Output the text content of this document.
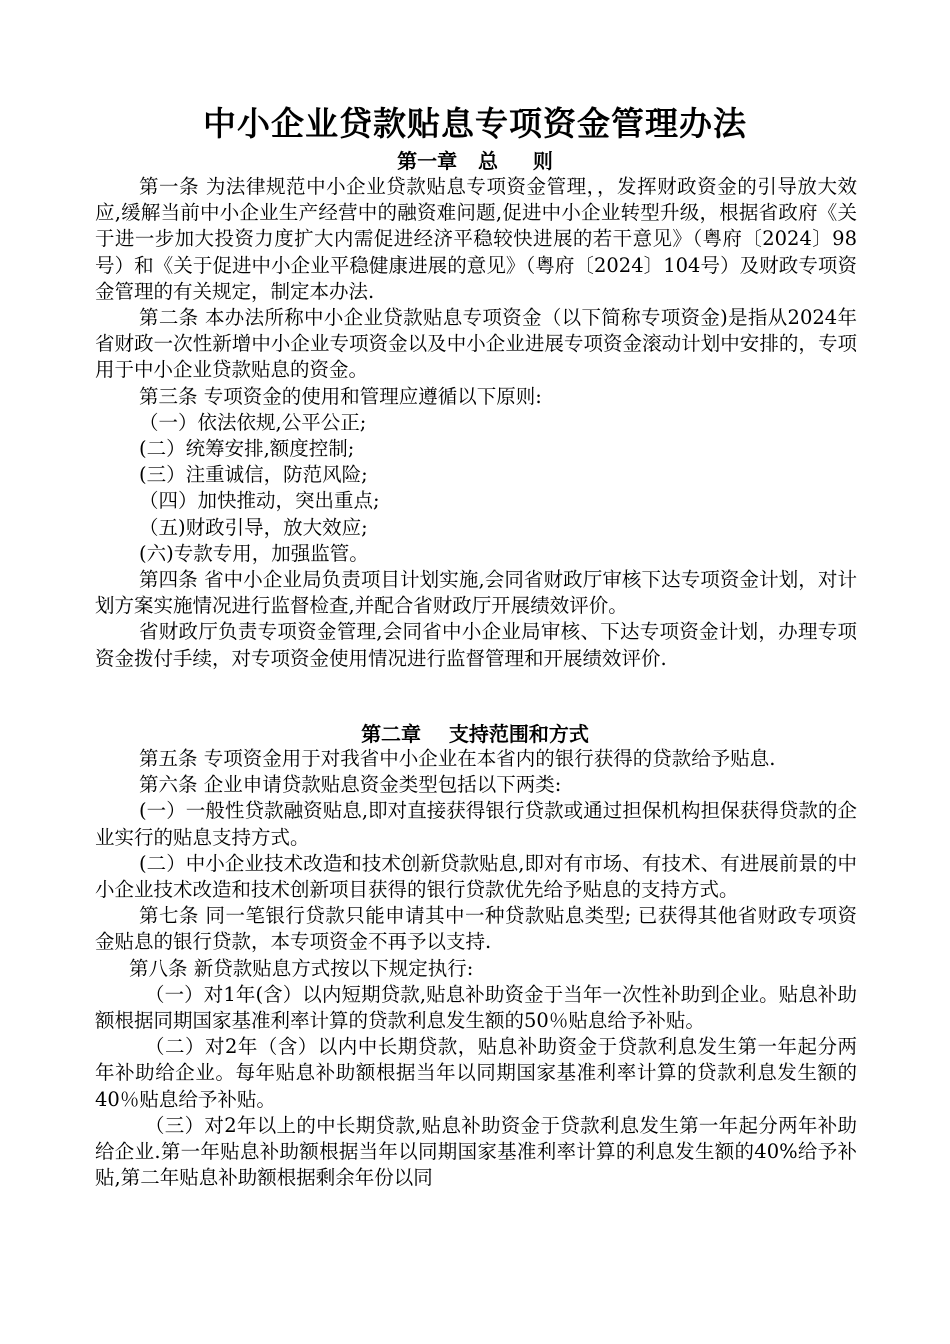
中小企业贷款贴息专项资金管理办法
第一章   总     则
第一条 为法律规范中小企业贷款贴息专项资金管理，，发挥财政资金的引导放大效应,缓解当前中小企业生产经营中的融资难问题,促进中小企业转型升级，根据省政府《关于进一步加大投资力度扩大内需促进经济平稳较快进展的若干意见》（粤府〔2024〕98号）和《关于促进中小企业平稳健康进展的意见》（粤府〔2024〕104号）及财政专项资金管理的有关规定，制定本办法.
第二条 本办法所称中小企业贷款贴息专项资金（以下简称专项资金)是指从2024年省财政一次性新增中小企业专项资金以及中小企业进展专项资金滚动计划中安排的，专项用于中小企业贷款贴息的资金。
第三条 专项资金的使用和管理应遵循以下原则:
（一）依法依规,公平公正;
(二）统筹安排,额度控制;
(三）注重诚信，防范风险;
（四）加快推动，突出重点;
（五)财政引导，放大效应;
(六)专款专用，加强监管。
第四条 省中小企业局负责项目计划实施,会同省财政厅审核下达专项资金计划，对计划方案实施情况进行监督检查,并配合省财政厅开展绩效评价。
省财政厅负责专项资金管理,会同省中小企业局审核、下达专项资金计划，办理专项资金拨付手续，对专项资金使用情况进行监督管理和开展绩效评价.
第二章    支持范围和方式
第五条 专项资金用于对我省中小企业在本省内的银行获得的贷款给予贴息.
第六条 企业申请贷款贴息资金类型包括以下两类:
(一）一般性贷款融资贴息,即对直接获得银行贷款或通过担保机构担保获得贷款的企业实行的贴息支持方式。
(二）中小企业技术改造和技术创新贷款贴息,即对有市场、有技术、有进展前景的中小企业技术改造和技术创新项目获得的银行贷款优先给予贴息的支持方式。
第七条 同一笔银行贷款只能申请其中一种贷款贴息类型; 已获得其他省财政专项资金贴息的银行贷款，本专项资金不再予以支持.
第八条 新贷款贴息方式按以下规定执行:
（一）对1年(含）以内短期贷款,贴息补助资金于当年一次性补助到企业。贴息补助额根据同期国家基准利率计算的贷款利息发生额的50％贴息给予补贴。
（二）对2年（含）以内中长期贷款，贴息补助资金于贷款利息发生第一年起分两年补助给企业。每年贴息补助额根据当年以同期国家基准利率计算的贷款利息发生额的40％贴息给予补贴。
（三）对2年以上的中长期贷款,贴息补助资金于贷款利息发生第一年起分两年补助给企业.第一年贴息补助额根据当年以同期国家基准利率计算的利息发生额的40%给予补贴,第二年贴息补助额根据剩余年份以同
